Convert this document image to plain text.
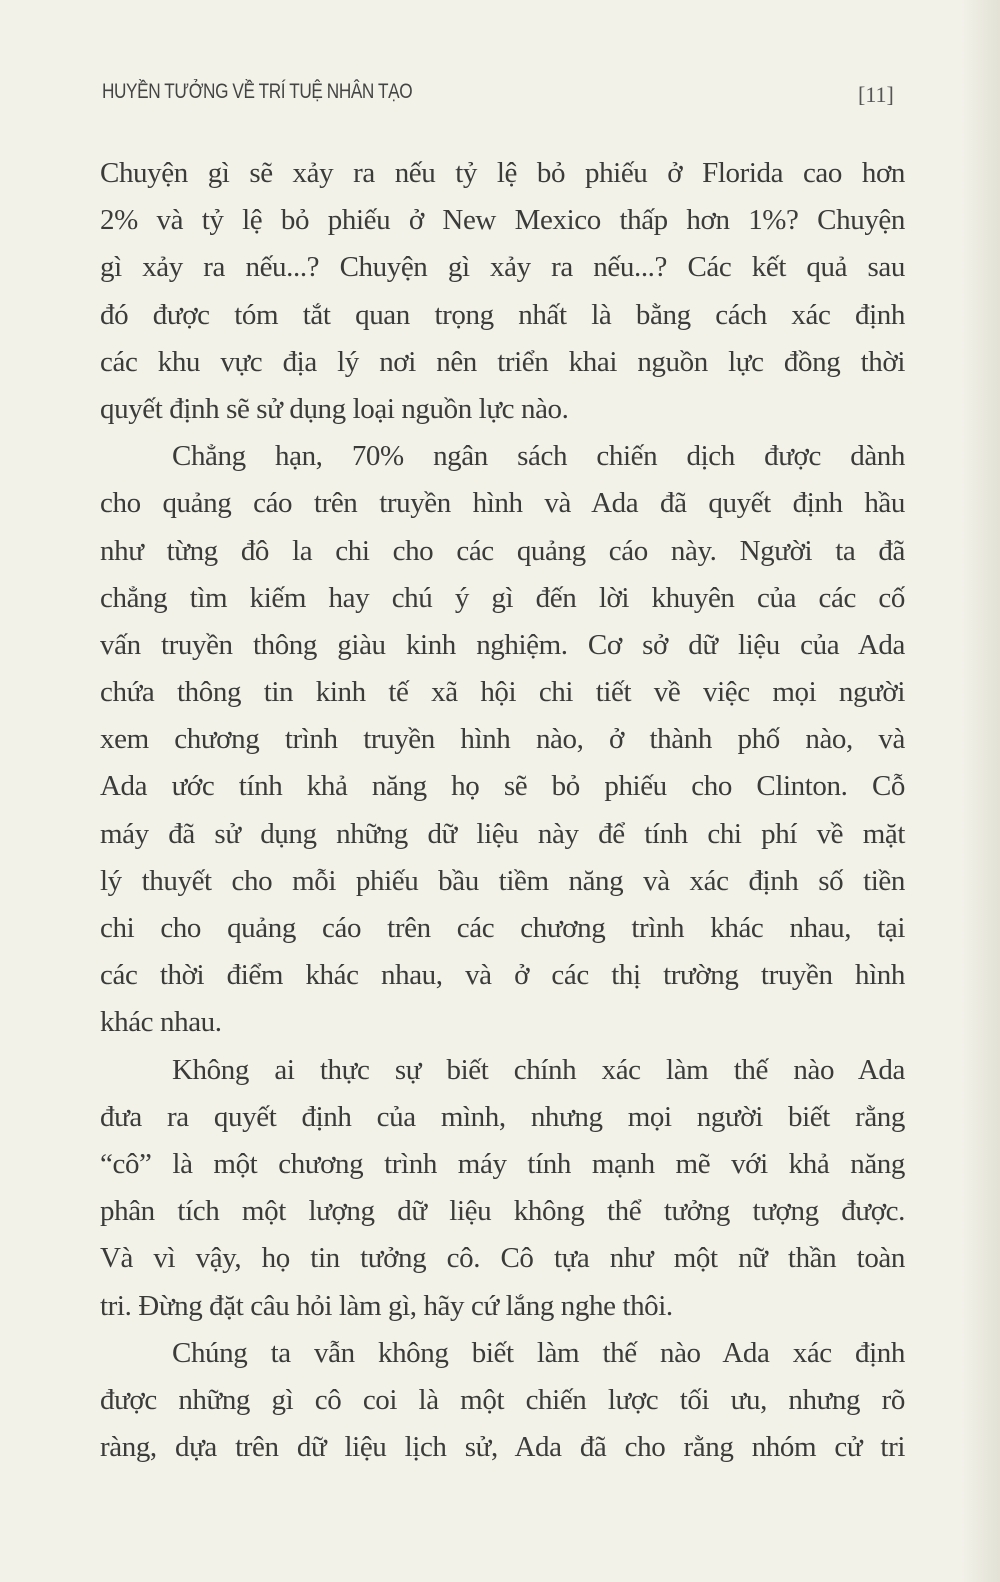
HUYỀN TƯỞNG VỀ TRÍ TUỆ NHÂN TẠO	[11]
Chuyện gì sẽ xảy ra nếu tỷ lệ bỏ phiếu ở Florida cao hơn
2% và tỷ lệ bỏ phiếu ở New Mexico thấp hơn 1%? Chuyện
gì xảy ra nếu...? Chuyện gì xảy ra nếu...? Các kết quả sau
đó được tóm tắt quan trọng nhất là bằng cách xác định
các khu vực địa lý nơi nên triển khai nguồn lực đồng thời
quyết định sẽ sử dụng loại nguồn lực nào.
Chẳng hạn, 70% ngân sách chiến dịch được dành
cho quảng cáo trên truyền hình và Ada đã quyết định hầu
như từng đô la chi cho các quảng cáo này. Người ta đã
chẳng tìm kiếm hay chú ý gì đến lời khuyên của các cố
vấn truyền thông giàu kinh nghiệm. Cơ sở dữ liệu của Ada
chứa thông tin kinh tế xã hội chi tiết về việc mọi người
xem chương trình truyền hình nào, ở thành phố nào, và
Ada ước tính khả năng họ sẽ bỏ phiếu cho Clinton. Cỗ
máy đã sử dụng những dữ liệu này để tính chi phí về mặt
lý thuyết cho mỗi phiếu bầu tiềm năng và xác định số tiền
chi cho quảng cáo trên các chương trình khác nhau, tại
các thời điểm khác nhau, và ở các thị trường truyền hình
khác nhau.
Không ai thực sự biết chính xác làm thế nào Ada
đưa ra quyết định của mình, nhưng mọi người biết rằng
“cô” là một chương trình máy tính mạnh mẽ với khả năng
phân tích một lượng dữ liệu không thể tưởng tượng được.
Và vì vậy, họ tin tưởng cô. Cô tựa như một nữ thần toàn
tri. Đừng đặt câu hỏi làm gì, hãy cứ lắng nghe thôi.
Chúng ta vẫn không biết làm thế nào Ada xác định
được những gì cô coi là một chiến lược tối ưu, nhưng rõ
ràng, dựa trên dữ liệu lịch sử, Ada đã cho rằng nhóm cử tri
